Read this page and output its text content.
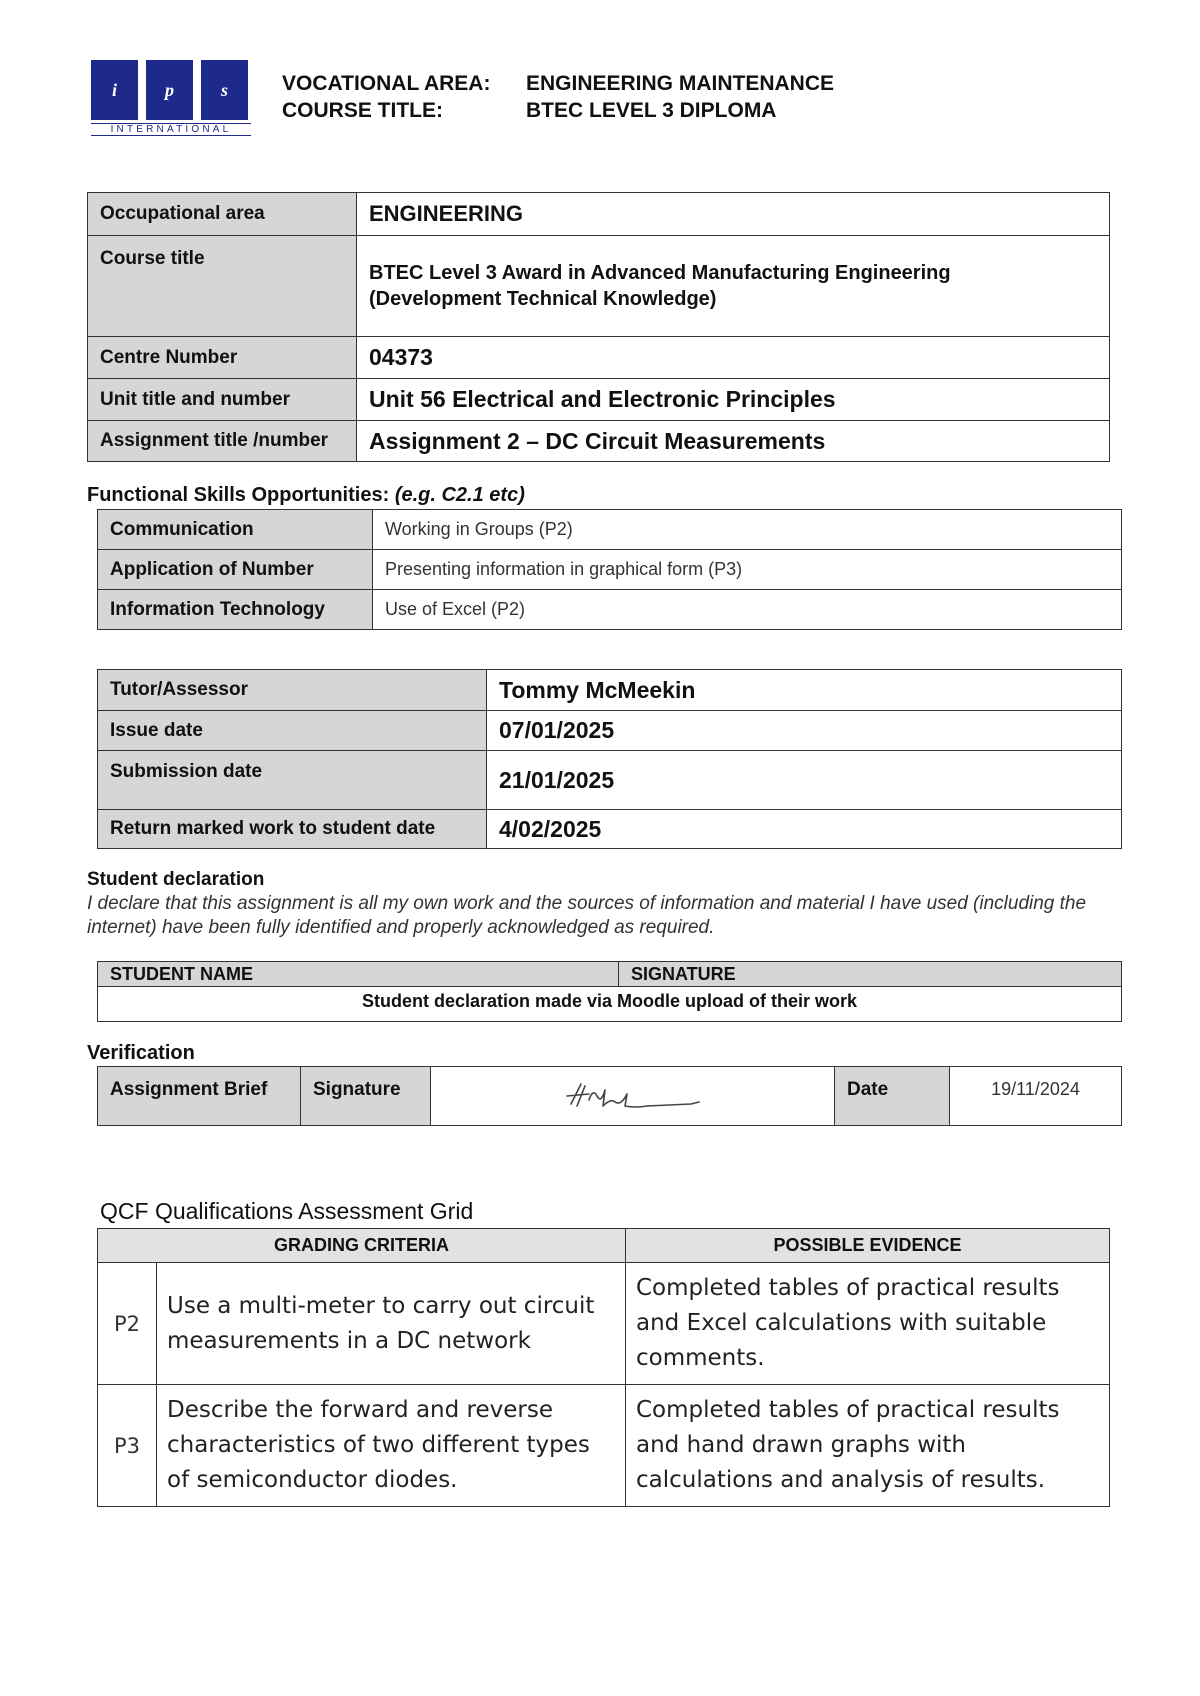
i	p	s
INTERNATIONAL
VOCATIONAL AREA: ENGINEERING MAINTENANCE
COURSE TITLE:	BTEC LEVEL 3 DIPLOMA
Occupational area	ENGINEERING
Course title	BTEC Level 3 Award in Advanced Manufacturing Engineering
(Development Technical Knowledge)

Centre Number	04373
Unit title and number	Unit 56 Electrical and Electronic Principles
Assignment title /number	Assignment 2 – DC Circuit Measurements
Functional Skills Opportunities: (e.g. C2.1 etc)
Communication	Working in Groups (P2)
Application of Number	Presenting information in graphical form (P3)
Information Technology	Use of Excel (P2)
Tutor/Assessor	Tommy McMeekin
Issue date	07/01/2025
Submission date	21/01/2025
Return marked work to student date	4/02/2025
Student declaration
I declare that this assignment is all my own work and the sources of information and material I have used (including the internet) have been fully identified and properly acknowledged as required.
STUDENT NAME	SIGNATURE
Student declaration made via Moodle upload of their work
Verification
Assignment Brief	Signature		Date	19/11/2024
QCF Qualifications Assessment Grid
GRADING CRITERIA		POSSIBLE EVIDENCE
P2	Use a multi-meter to carry out circuit measurements in a DC network	Completed tables of practical results and Excel calculations with suitable comments.
P3	Describe the forward and reverse characteristics of two different types of semiconductor diodes.	Completed tables of practical results and hand drawn graphs with calculations and analysis of results.
